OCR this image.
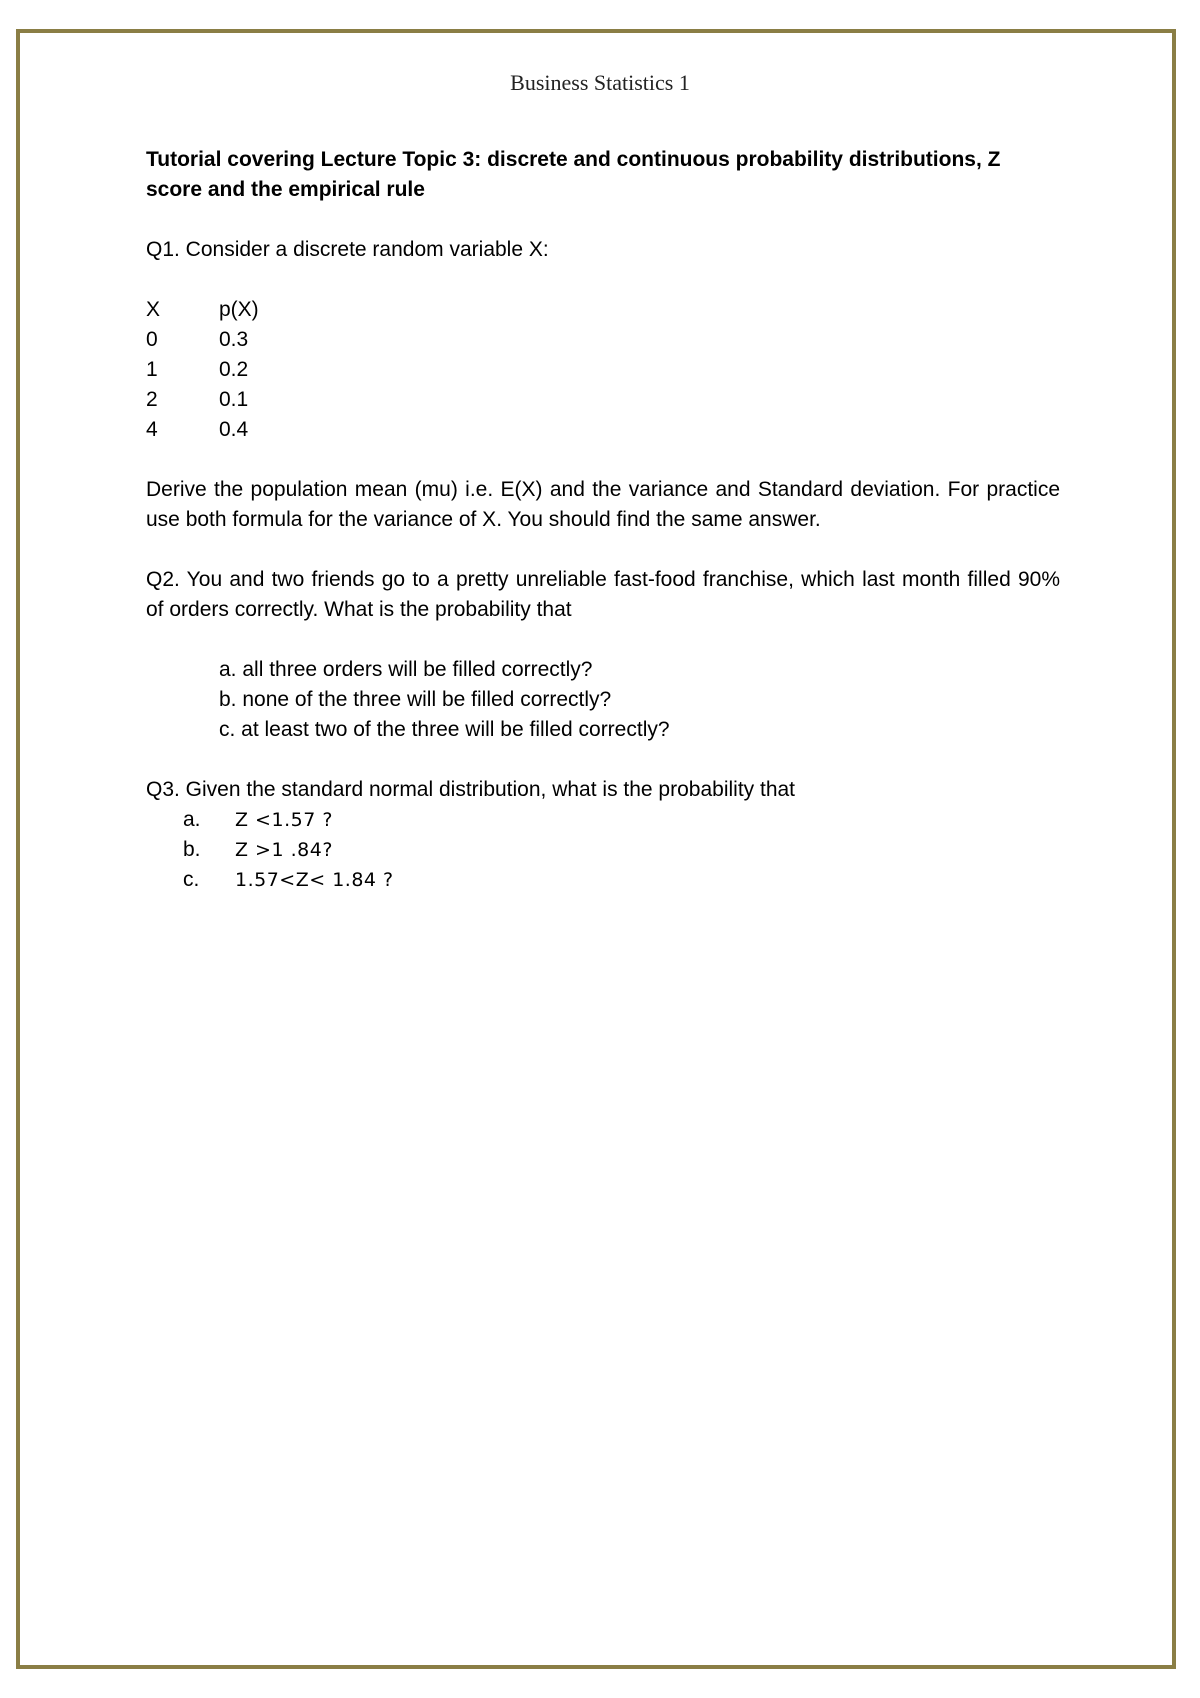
Business Statistics 1
Tutorial covering Lecture Topic 3: discrete and continuous probability distributions, Z score and the empirical rule
Q1. Consider a discrete random variable X:
X	p(X)
0	0.3
1	0.2
2	0.1
4	0.4
Derive the population mean (mu) i.e. E(X) and the variance and Standard deviation. For practice use both formula for the variance of X. You should find the same answer.
Q2. You and two friends go to a pretty unreliable fast-food franchise, which last month filled 90% of orders correctly. What is the probability that
a. all three orders will be filled correctly?
b. none of the three will be filled correctly?
c. at least two of the three will be filled correctly?
Q3. Given the standard normal distribution, what is the probability that
a.	Z <1.57 ?
b.	Z >1 .84?
c.	1.57<Z< 1.84 ?
